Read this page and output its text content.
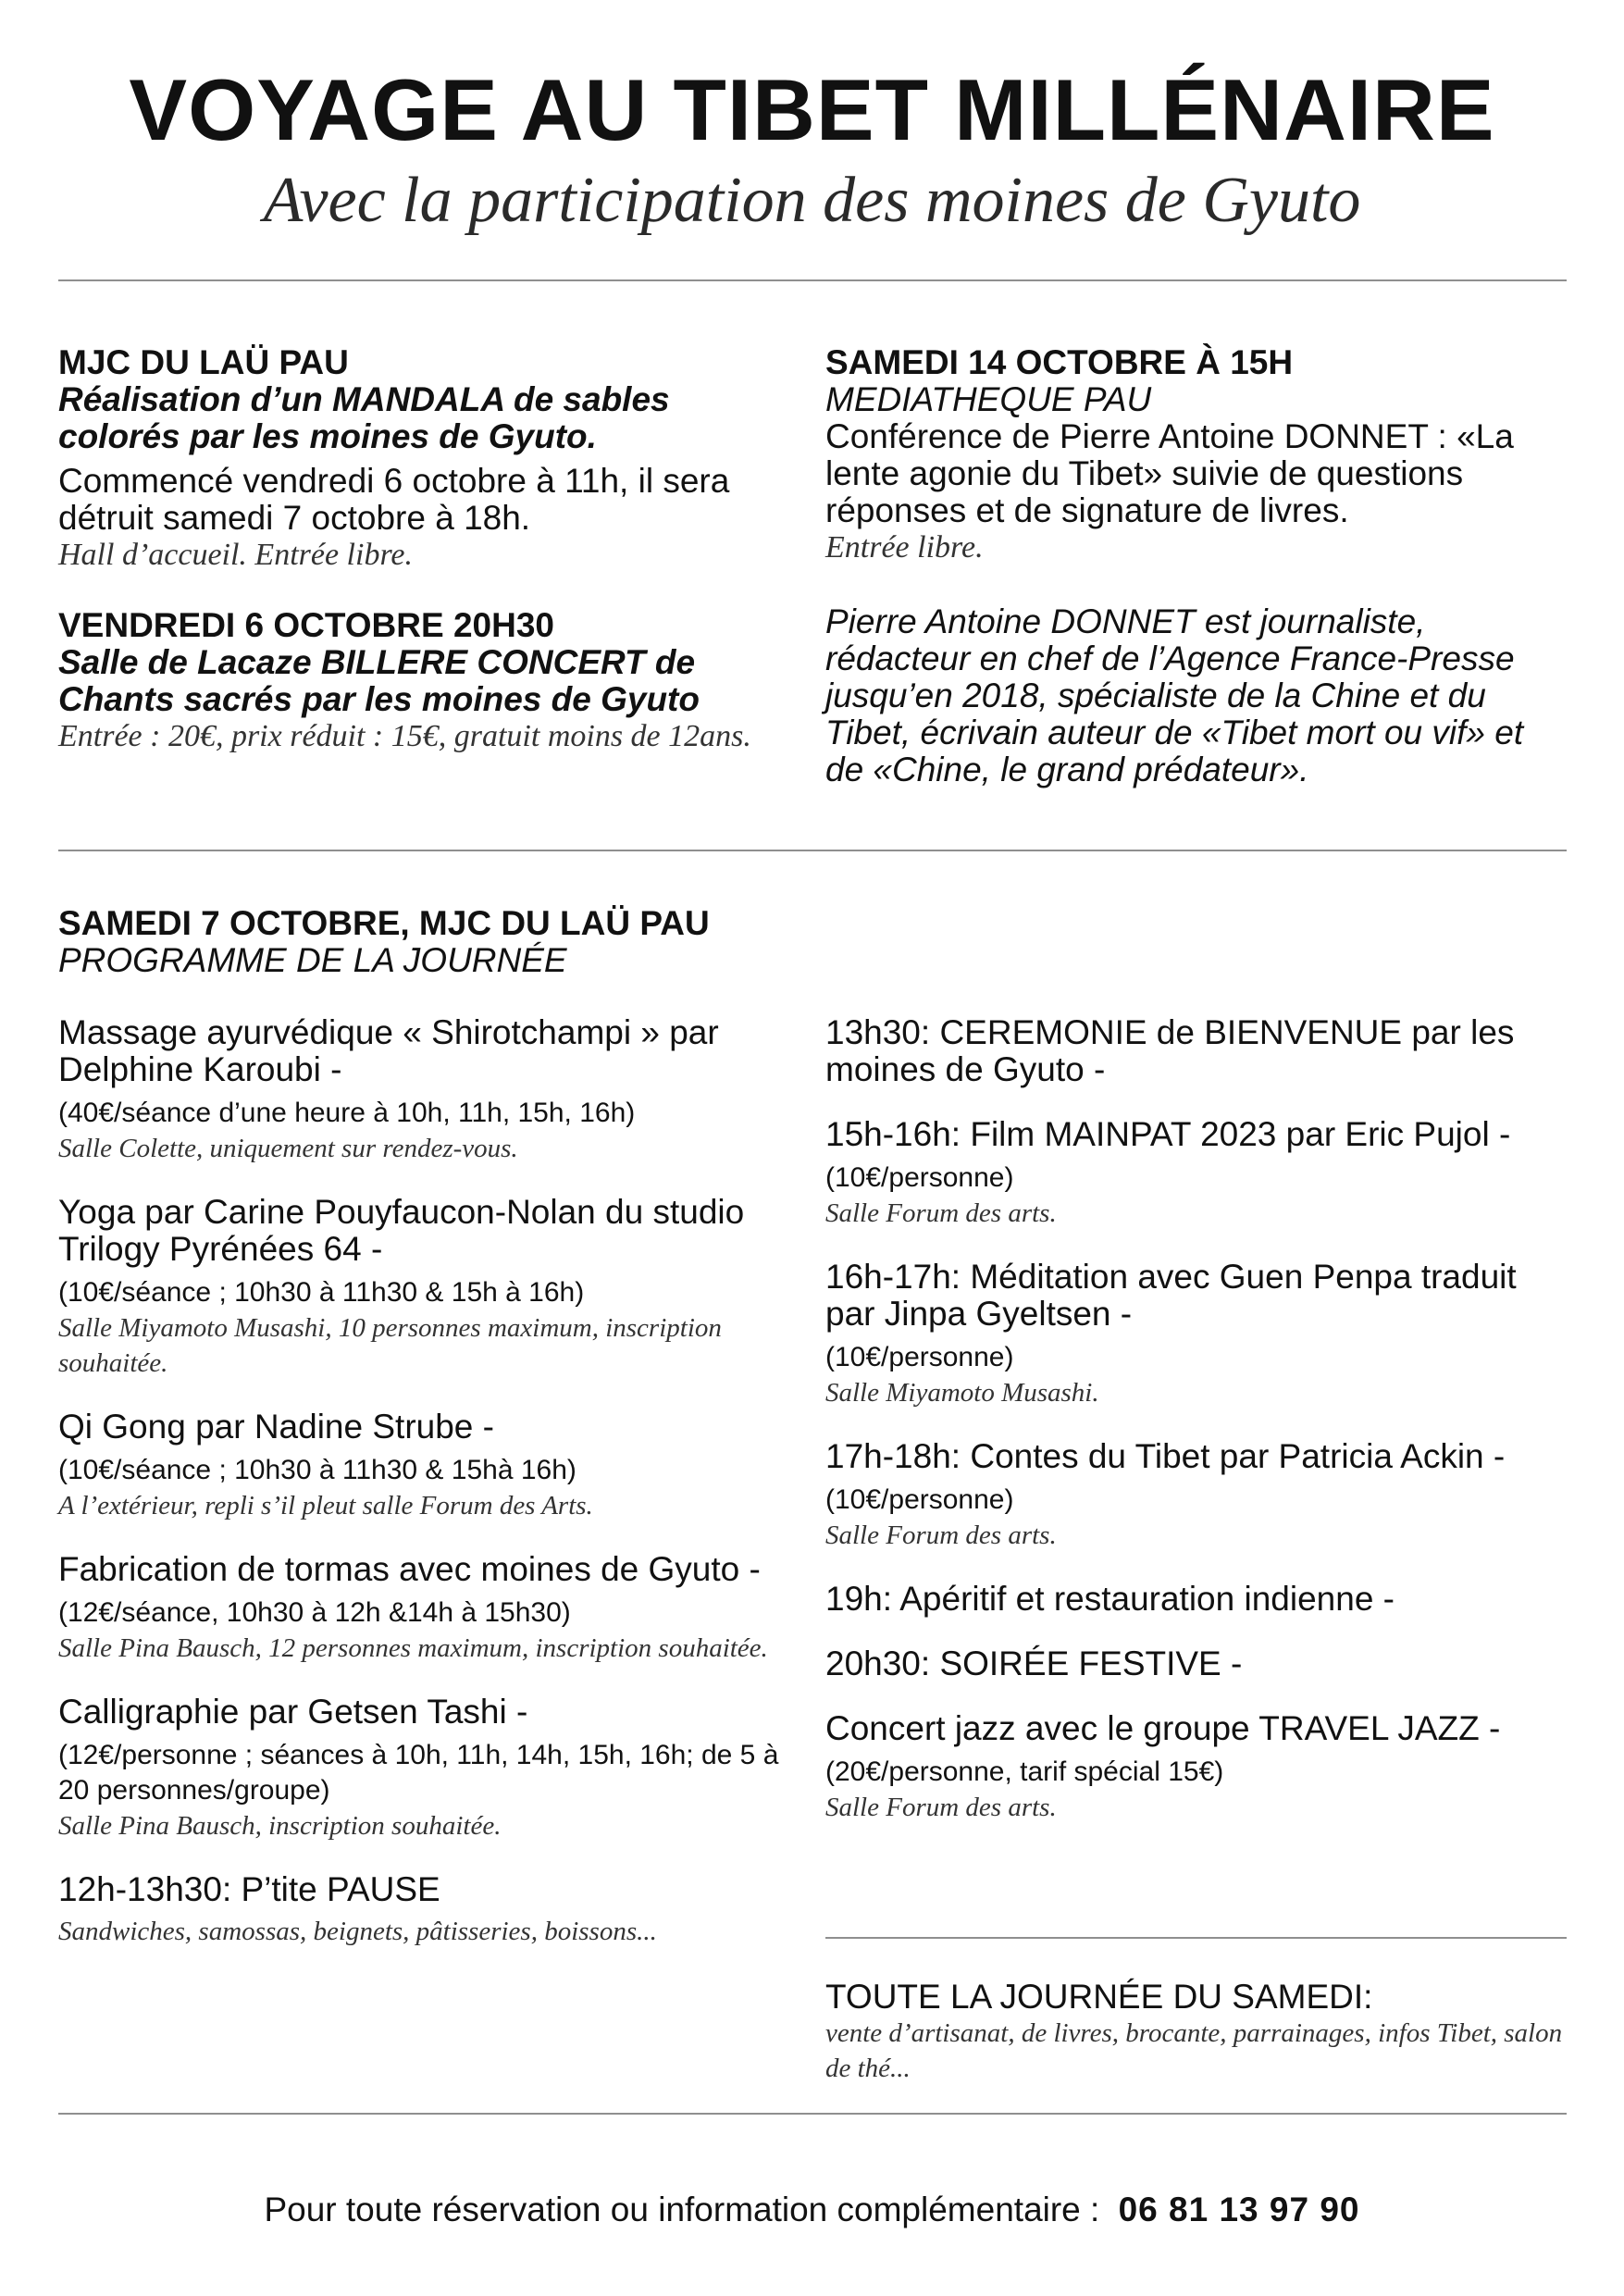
VOYAGE AU TIBET MILLÉNAIRE
Avec la participation des moines de Gyuto

MJC DU LAÜ PAU

Réalisation d’un MANDALA de sables colorés par les moines de Gyuto.

Commencé vendredi 6 octobre à 11h, il sera détruit samedi 7 octobre à 18h.

Hall d’accueil. Entrée libre.

VENDREDI 6 OCTOBRE 20H30

Salle de Lacaze BILLERE CONCERT de Chants sacrés par les moines de Gyuto

Entrée : 20€, prix réduit : 15€, gratuit moins de 12ans.

SAMEDI 14 OCTOBRE À 15H

MEDIATHEQUE PAU

Conférence de Pierre Antoine DONNET : «La lente agonie du Tibet» suivie de questions réponses et de signature de livres.

Entrée libre.

Pierre Antoine DONNET est journaliste, rédacteur en chef de l’Agence France-Presse jusqu’en 2018, spécialiste de la Chine et du Tibet, écrivain auteur de «Tibet mort ou vif» et de «Chine, le grand prédateur».

SAMEDI 7 OCTOBRE, MJC DU LAÜ PAU

PROGRAMME DE LA JOURNÉE

Massage ayurvédique « Shirotchampi » par Delphine Karoubi -

(40€/séance d’une heure à 10h, 11h, 15h, 16h)

Salle Colette, uniquement sur rendez-vous.

Yoga par Carine Pouyfaucon-Nolan du studio Trilogy Pyrénées 64 -

(10€/séance ; 10h30 à 11h30 & 15h à 16h)

Salle Miyamoto Musashi, 10 personnes maximum, inscription souhaitée.

Qi Gong par Nadine Strube -

(10€/séance ; 10h30 à 11h30 & 15hà 16h)

A l’extérieur, repli s’il pleut salle Forum des Arts.

Fabrication de tormas avec moines de Gyuto -

(12€/séance, 10h30 à 12h &14h à 15h30)

Salle Pina Bausch, 12 personnes maximum, inscription souhaitée.

Calligraphie par Getsen Tashi -

(12€/personne ; séances à 10h, 11h, 14h, 15h, 16h; de 5 à 20 personnes/groupe)

Salle Pina Bausch, inscription souhaitée.

12h-13h30: P’tite PAUSE

Sandwiches, samossas, beignets, pâtisseries, boissons...

13h30: CEREMONIE de BIENVENUE par les moines de Gyuto -

15h-16h: Film MAINPAT 2023 par Eric Pujol -

(10€/personne)

Salle Forum des arts.

16h-17h: Méditation avec Guen Penpa traduit par Jinpa Gyeltsen -

(10€/personne)

Salle Miyamoto Musashi.

17h-18h: Contes du Tibet par Patricia Ackin -

(10€/personne)

Salle Forum des arts.

19h: Apéritif et restauration indienne -

20h30: SOIRÉE FESTIVE -

Concert jazz avec le groupe TRAVEL JAZZ -

(20€/personne, tarif spécial 15€)

Salle Forum des arts.

TOUTE LA JOURNÉE DU SAMEDI:

vente d’artisanat, de livres, brocante, parrainages, infos Tibet, salon de thé...

Pour toute réservation ou information complémentaire : 06 81 13 97 90
